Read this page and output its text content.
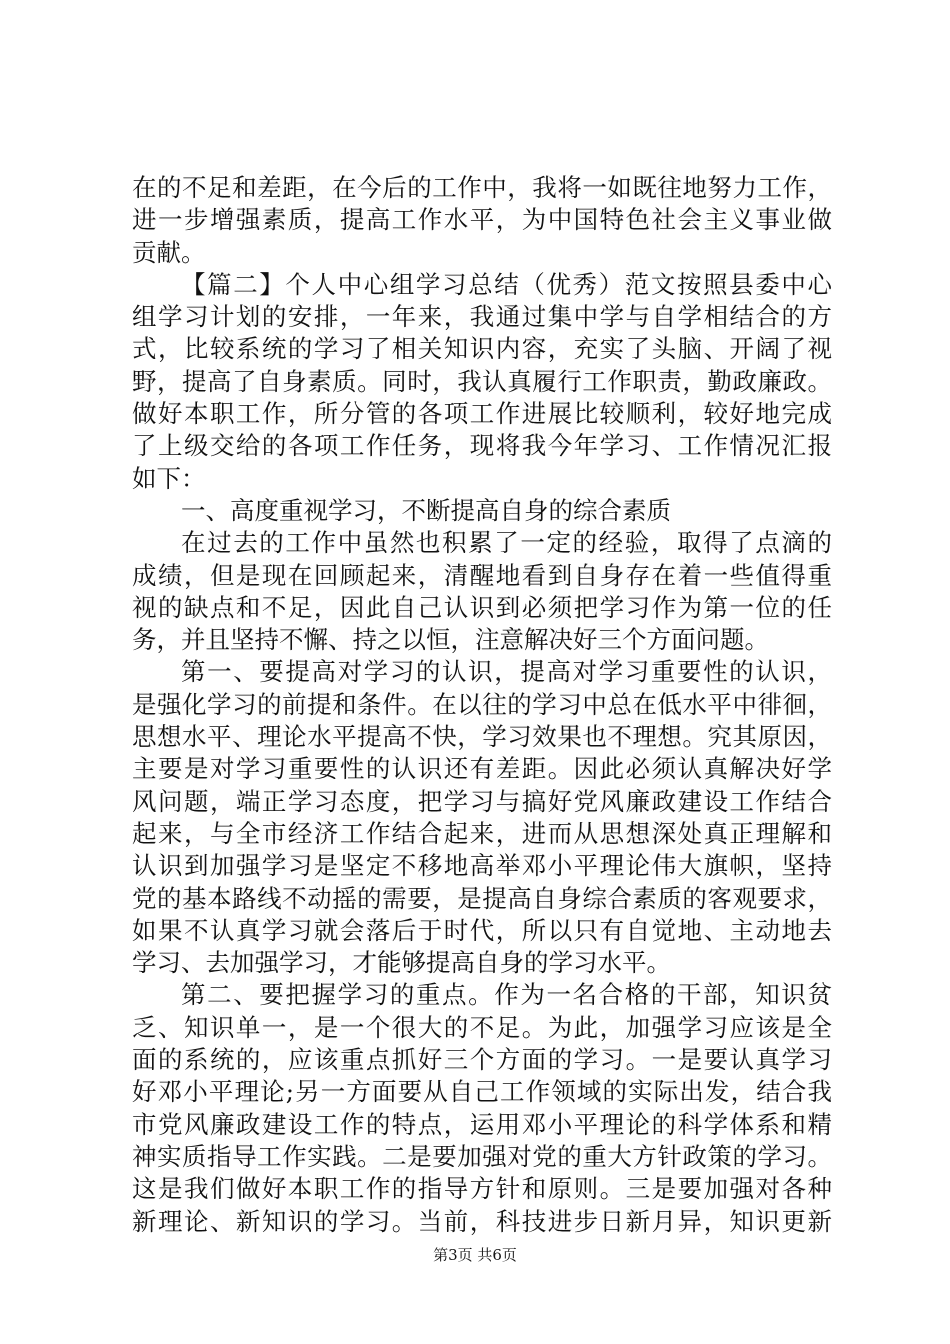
在的不足和差距，在今后的工作中，我将一如既往地努力工作，
进一步增强素质，提高工作水平，为中国特色社会主义事业做
贡献。
【篇二】个人中心组学习总结（优秀）范文按照县委中心
组学习计划的安排，一年来，我通过集中学与自学相结合的方
式，比较系统的学习了相关知识内容，充实了头脑、开阔了视
野，提高了自身素质。同时，我认真履行工作职责，勤政廉政。
做好本职工作，所分管的各项工作进展比较顺利，较好地完成
了上级交给的各项工作任务，现将我今年学习、工作情况汇报
如下：
一、高度重视学习，不断提高自身的综合素质
在过去的工作中虽然也积累了一定的经验，取得了点滴的
成绩，但是现在回顾起来，清醒地看到自身存在着一些值得重
视的缺点和不足，因此自己认识到必须把学习作为第一位的任
务，并且坚持不懈、持之以恒，注意解决好三个方面问题。
第一、要提高对学习的认识，提高对学习重要性的认识，
是强化学习的前提和条件。在以往的学习中总在低水平中徘徊，
思想水平、理论水平提高不快，学习效果也不理想。究其原因，
主要是对学习重要性的认识还有差距。因此必须认真解决好学
风问题，端正学习态度，把学习与搞好党风廉政建设工作结合
起来，与全市经济工作结合起来，进而从思想深处真正理解和
认识到加强学习是坚定不移地高举邓小平理论伟大旗帜，坚持
党的基本路线不动摇的需要，是提高自身综合素质的客观要求，
如果不认真学习就会落后于时代，所以只有自觉地、主动地去
学习、去加强学习，才能够提高自身的学习水平。
第二、要把握学习的重点。作为一名合格的干部，知识贫
乏、知识单一，是一个很大的不足。为此，加强学习应该是全
面的系统的，应该重点抓好三个方面的学习。一是要认真学习
好邓小平理论;另一方面要从自己工作领域的实际出发，结合我
市党风廉政建设工作的特点，运用邓小平理论的科学体系和精
神实质指导工作实践。二是要加强对党的重大方针政策的学习。
这是我们做好本职工作的指导方针和原则。三是要加强对各种
新理论、新知识的学习。当前，科技进步日新月异，知识更新
第3页 共6页
